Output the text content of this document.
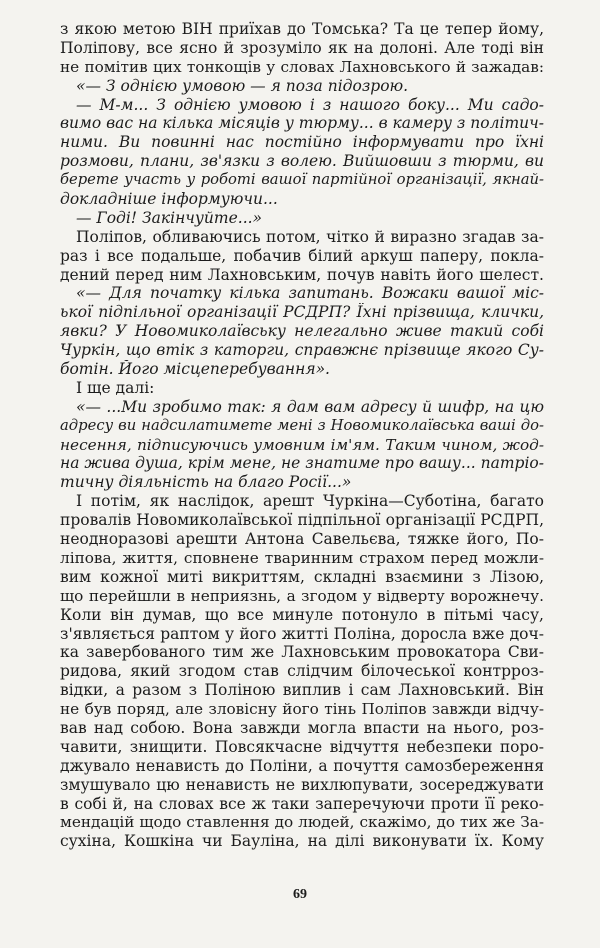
з якою метою ВІН приїхав до Томська? Та це тепер йому,
Поліпову, все ясно й зрозуміло як на долоні. Але тоді він
не помітив цих тонкощів у словах Лахновського й зажадав:
«— З однією умовою — я поза підозрою.
— М-м... З однією умовою і з нашого боку... Ми садо-
вимо вас на кілька місяців у тюрму... в камеру з політич-
ними. Ви повинні нас постійно інформувати про їхні
розмови, плани, зв'язки з волею. Вийшовши з тюрми, ви
берете участь у роботі вашої партійної організації, якнай-
докладніше інформуючи...
— Годі! Закінчуйте...»
Поліпов, обливаючись потом, чітко й виразно згадав за-
раз і все подальше, побачив білий аркуш паперу, покла-
дений перед ним Лахновським, почув навіть його шелест.
«— Для початку кілька запитань. Вожаки вашої міс-
ької підпільної організації РСДРП? Їхні прізвища, клички,
явки? У Новомиколаївську нелегально живе такий собі
Чуркін, що втік з каторги, справжнє прізвище якого Су-
ботін. Його місцеперебування».
І ще далі:
«— ...Ми зробимо так: я дам вам адресу й шифр, на цю
адресу ви надсилатимете мені з Новомиколаївська ваші до-
несення, підписуючись умовним ім'ям. Таким чином, жод-
на жива душа, крім мене, не знатиме про вашу... патріо-
тичну діяльність на благо Росії...»
І потім, як наслідок, арешт Чуркіна—Суботіна, багато
провалів Новомиколаївської підпільної організації РСДРП,
неодноразові арешти Антона Савельєва, тяжке його, По-
ліпова, життя, сповнене тваринним страхом перед можли-
вим кожної миті викриттям, складні взаємини з Лізою,
що перейшли в неприязнь, а згодом у відверту ворожнечу.
Коли він думав, що все минуле потонуло в пітьмі часу,
з'являється раптом у його житті Поліна, доросла вже доч-
ка завербованого тим же Лахновським провокатора Сви-
ридова, який згодом став слідчим білочеської контррoз-
відки, а разом з Поліною виплив і сам Лахновський. Він
не був поряд, але зловісну його тінь Поліпов завжди відчу-
вав над собою. Вона завжди могла впасти на нього, роз-
чавити, знищити. Повсякчасне відчуття небезпеки поро-
джувало ненависть до Поліни, а почуття самозбереження
змушувало цю ненависть не вихлюпувати, зосереджувати
в собі й, на словах все ж таки заперечуючи проти її реко-
мендацій щодо ставлення до людей, скажімо, до тих же За-
сухіна, Кошкіна чи Бауліна, на ділі виконувати їх. Кому
69
